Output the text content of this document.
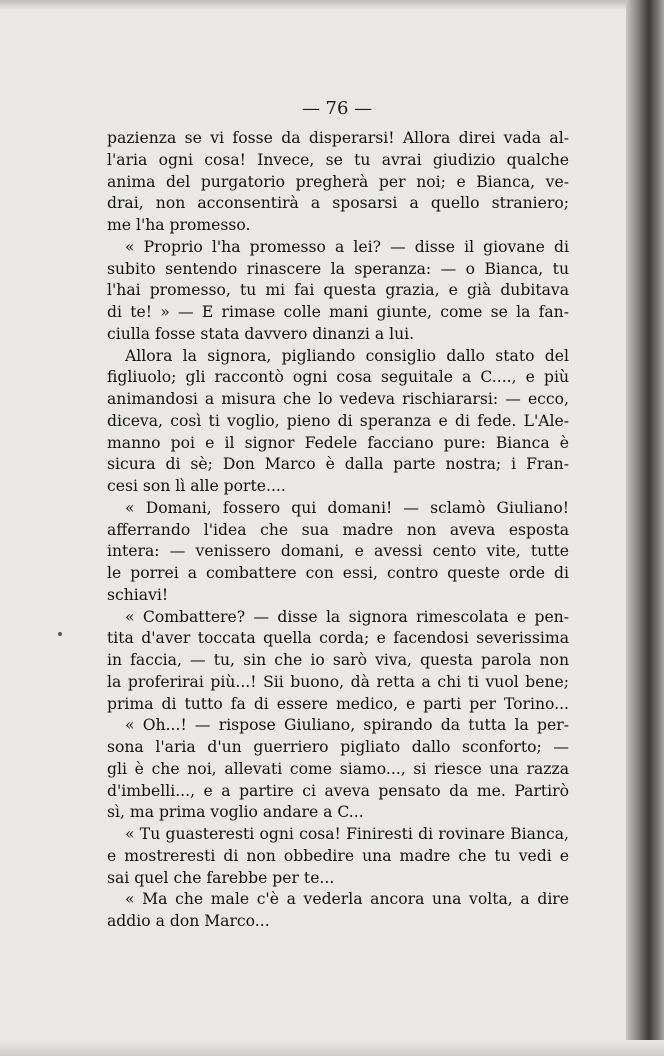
— 76 —
pazienza se vi fosse da disperarsi! Allora direi vada al-
l'aria ogni cosa! Invece, se tu avrai giudizio qualche
anima del purgatorio pregherà per noi; e Bianca, ve-
drai, non acconsentirà a sposarsi a quello straniero;
me l'ha promesso.
« Proprio l'ha promesso a lei? — disse il giovane di
subito sentendo rinascere la speranza: — o Bianca, tu
l'hai promesso, tu mi fai questa grazia, e già dubitava
di te! » — E rimase colle mani giunte, come se la fan-
ciulla fosse stata davvero dinanzi a lui.
Allora la signora, pigliando consiglio dallo stato del
figliuolo; gli raccontò ogni cosa seguitale a C...., e più
animandosi a misura che lo vedeva rischiararsi: — ecco,
diceva, così ti voglio, pieno di speranza e di fede. L'Ale-
manno poi e il signor Fedele facciano pure: Bianca è
sicura di sè; Don Marco è dalla parte nostra; i Fran-
cesi son lì alle porte....
« Domani, fossero qui domani! — sclamò Giuliano!
afferrando l'idea che sua madre non aveva esposta
intera: — venissero domani, e avessi cento vite, tutte
le porrei a combattere con essi, contro queste orde di
schiavi!
« Combattere? — disse la signora rimescolata e pen-
tita d'aver toccata quella corda; e facendosi severissima
in faccia, — tu, sin che io sarò viva, questa parola non
la proferirai più...! Sii buono, dà retta a chi ti vuol bene;
prima di tutto fa di essere medico, e parti per Torino...
« Oh...! — rispose Giuliano, spirando da tutta la per-
sona l'aria d'un guerriero pigliato dallo sconforto; —
gli è che noi, allevati come siamo..., si riesce una razza
d'imbelli..., e a partire ci aveva pensato da me. Partirò
sì, ma prima voglio andare a C...
« Tu guasteresti ogni cosa! Finiresti di rovinare Bianca,
e mostreresti di non obbedire una madre che tu vedi e
sai quel che farebbe per te...
« Ma che male c'è a vederla ancora una volta, a dire
addio a don Marco...
